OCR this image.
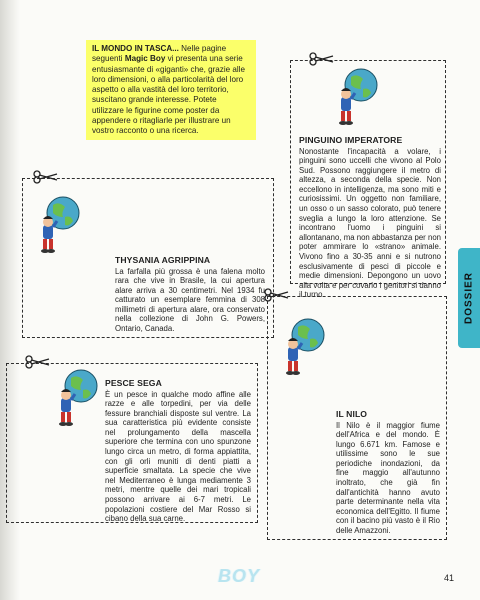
IL MONDO IN TASCA... Nelle pagine seguenti Magic Boy vi presenta una serie entusiasmante di «giganti» che, grazie alle loro dimensioni, o alla particolarità del loro aspetto o alla vastità del loro territorio, suscitano grande interesse. Potete utilizzare le figurine come poster da appendere o ritagliarle per illustrare un vostro racconto o una ricerca.
PINGUINO IMPERATORE
Nonostante l'incapacità a volare, i pinguini sono uccelli che vivono al Polo Sud. Possono raggiungere il metro di altezza, a seconda della specie. Non eccellono in intelligenza, ma sono miti e curiosissimi. Un oggetto non familiare, un osso o un sasso colorato, può tenere sveglia a lungo la loro attenzione. Se incontrano l'uomo i pinguini si allontanano, ma non abbastanza per non poter ammirare lo «strano» animale. Vivono fino a 30-35 anni e si nutrono esclusivamente di pesci di piccole e medie dimensioni. Depongono un uovo alla volta e per covarlo i genitori si danno il turno.
THYSANIA AGRIPPINA
La farfalla più grossa è una falena molto rara che vive in Brasile, la cui apertura alare arriva a 30 centimetri. Nel 1934 fu catturato un esemplare femmina di 308 millimetri di apertura alare, ora conservato nella collezione di John G. Powers, Ontario, Canada.
PESCE SEGA
È un pesce in qualche modo affine alle razze e alle torpedini, per via delle fessure branchiali disposte sul ventre. La sua caratteristica più evidente consiste nel prolungamento della mascella superiore che termina con uno spunzone lungo circa un metro, di forma appiattita, con gli orli muniti di denti piatti a superficie smaltata. La specie che vive nel Mediterraneo è lunga mediamente 3 metri, mentre quelle dei mari tropicali possono arrivare ai 6-7 metri. Le popolazioni costiere del Mar Rosso si cibano della sua carne.
IL NILO
Il Nilo è il maggior fiume dell'Africa e del mondo. È lungo 6.671 km. Famose e utilissime sono le sue periodiche inondazioni, da fine maggio all'autunno inoltrato, che già fin dall'antichità hanno avuto parte determinante nella vita economica dell'Egitto. Il fiume con il bacino più vasto è il Rio delle Amazzoni.
DOSSIER
BOY	41
